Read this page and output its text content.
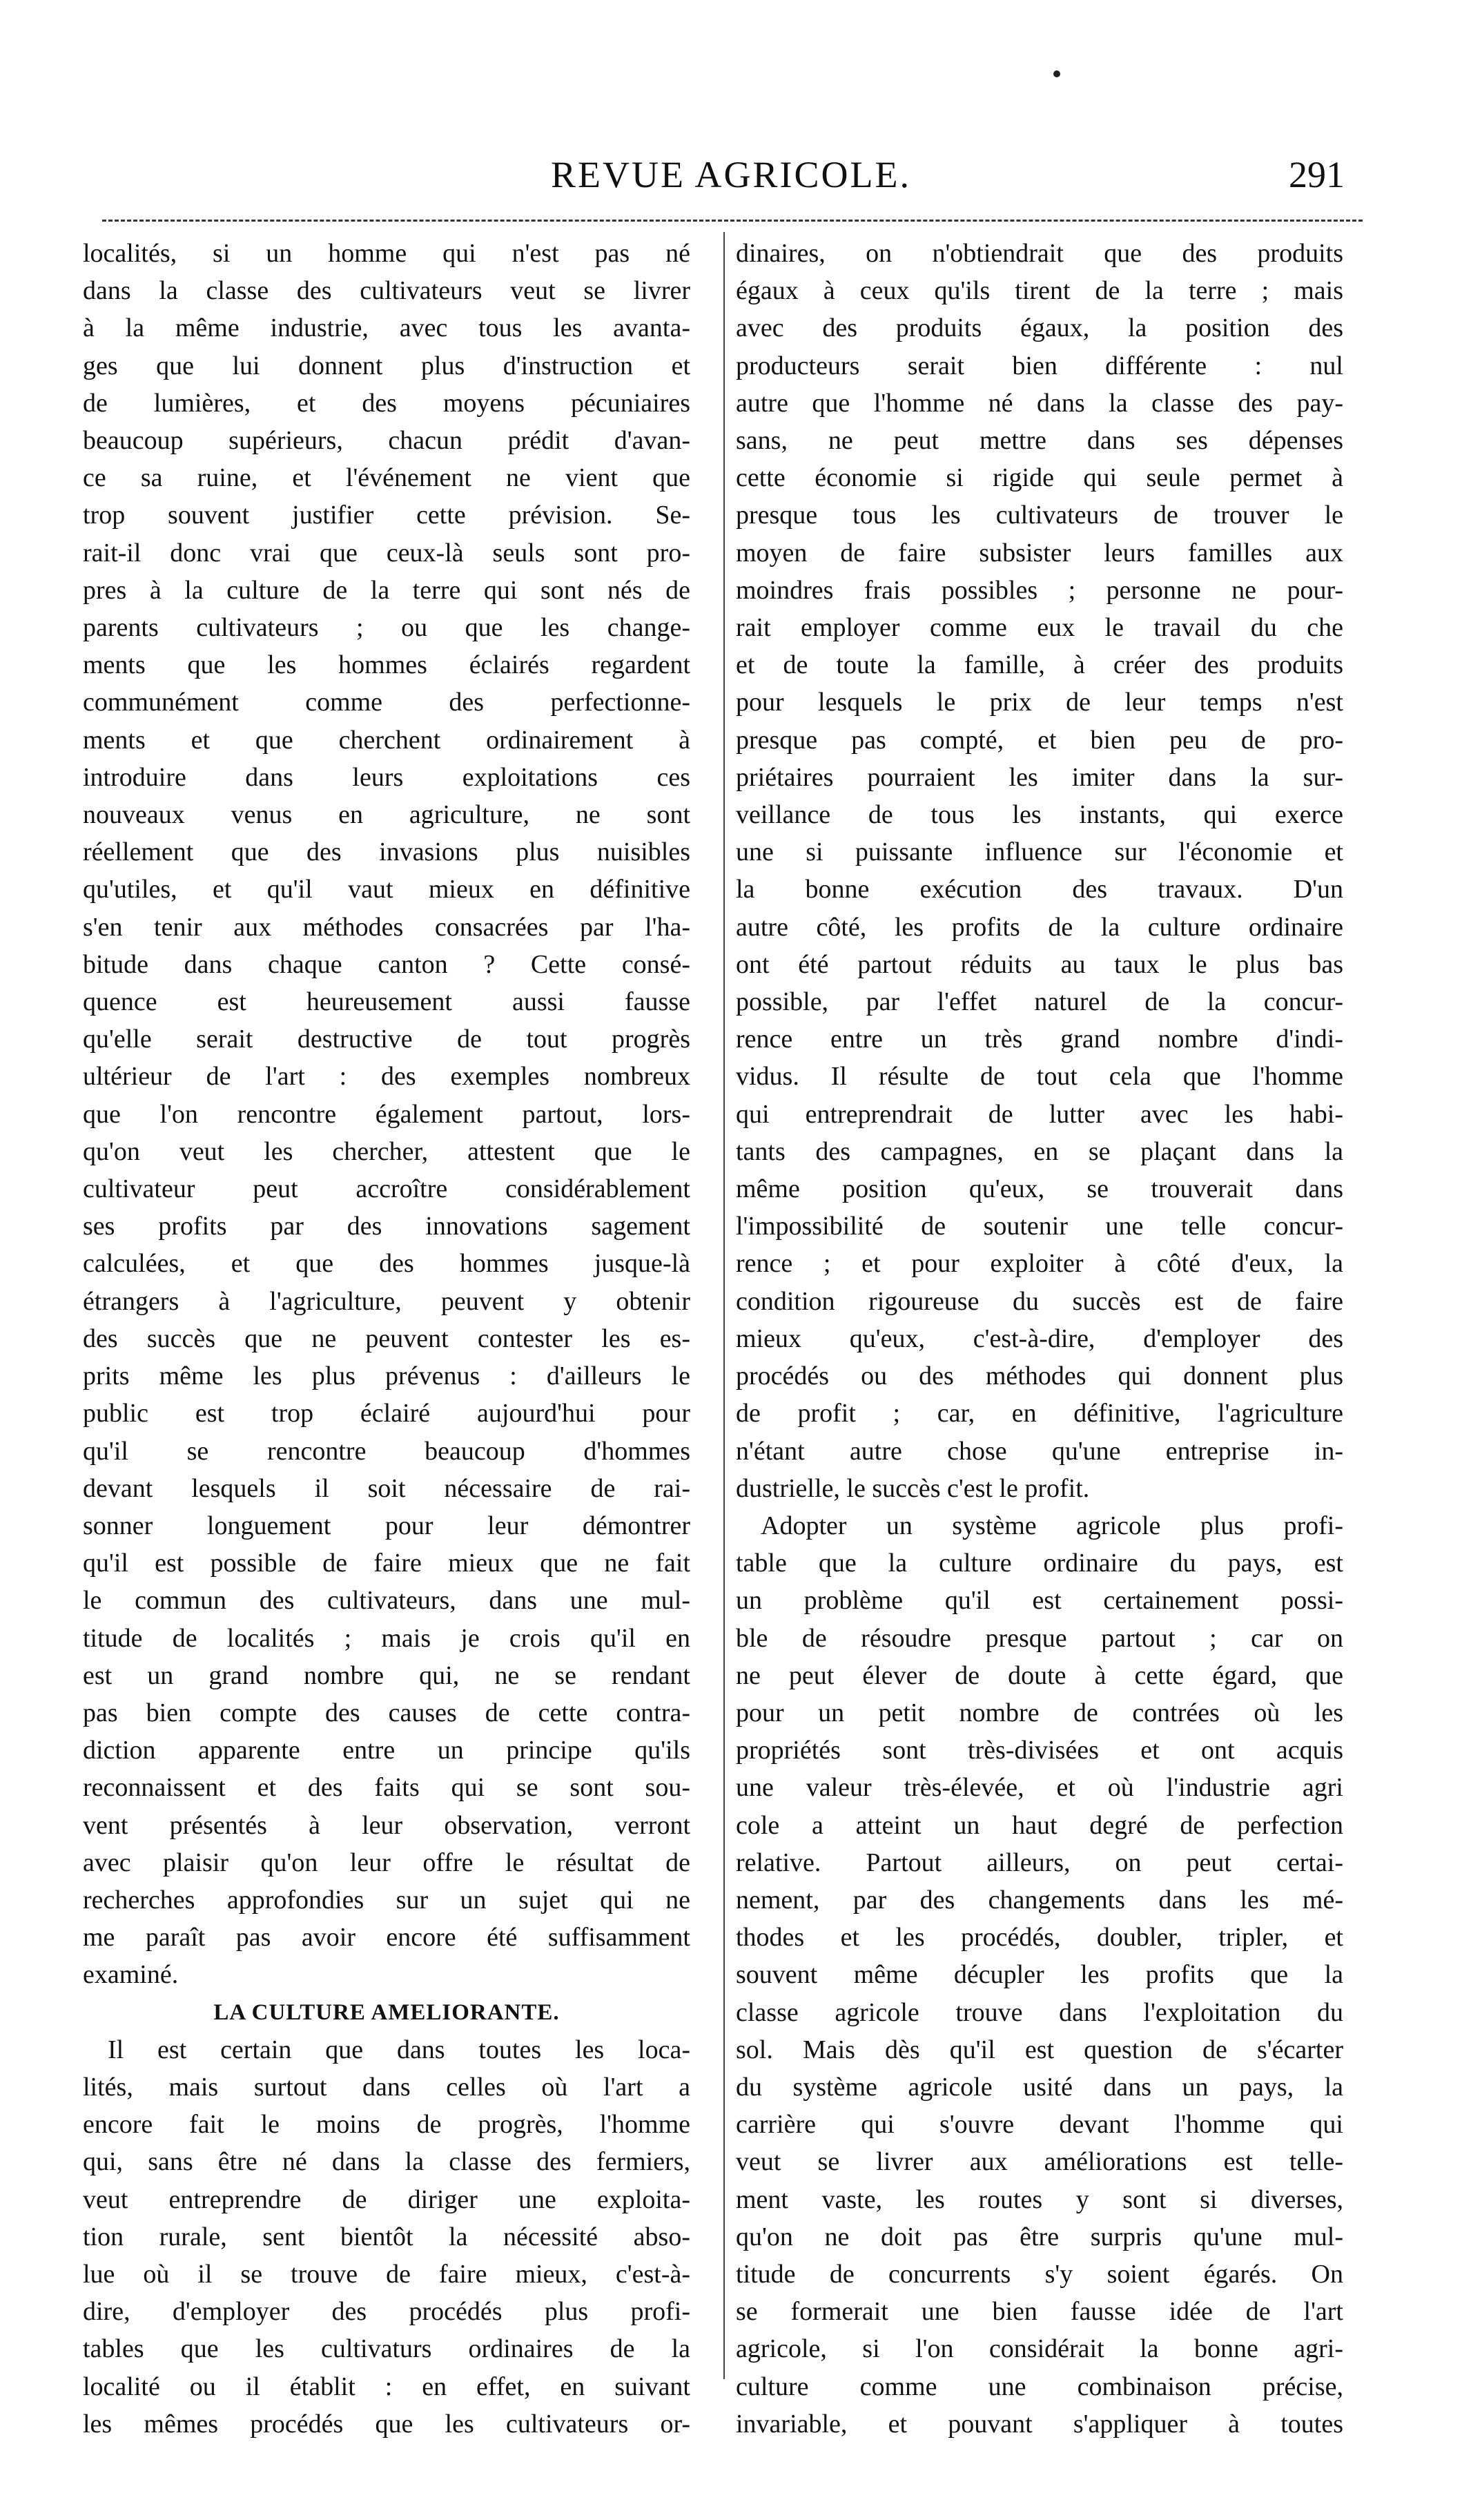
REVUE AGRICOLE.	291
localités, si un homme qui n'est pas né
dans la classe des cultivateurs veut se livrer
à la même industrie, avec tous les avanta-
ges que lui donnent plus d'instruction et
de lumières, et des moyens pécuniaires
beaucoup supérieurs, chacun prédit d'avan-
ce sa ruine, et l'événement ne vient que
trop souvent justifier cette prévision. Se-
rait-il donc vrai que ceux-là seuls sont pro-
pres à la culture de la terre qui sont nés de
parents cultivateurs ; ou que les change-
ments que les hommes éclairés regardent
communément comme des perfectionne-
ments et que cherchent ordinairement à
introduire dans leurs exploitations ces
nouveaux venus en agriculture, ne sont
réellement que des invasions plus nuisibles
qu'utiles, et qu'il vaut mieux en définitive
s'en tenir aux méthodes consacrées par l'ha-
bitude dans chaque canton ? Cette consé-
quence est heureusement aussi fausse
qu'elle serait destructive de tout progrès
ultérieur de l'art : des exemples nombreux
que l'on rencontre également partout, lors-
qu'on veut les chercher, attestent que le
cultivateur peut accroître considérablement
ses profits par des innovations sagement
calculées, et que des hommes jusque-là
étrangers à l'agriculture, peuvent y obtenir
des succès que ne peuvent contester les es-
prits même les plus prévenus : d'ailleurs le
public est trop éclairé aujourd'hui pour
qu'il se rencontre beaucoup d'hommes
devant lesquels il soit nécessaire de rai-
sonner longuement pour leur démontrer
qu'il est possible de faire mieux que ne fait
le commun des cultivateurs, dans une mul-
titude de localités ; mais je crois qu'il en
est un grand nombre qui, ne se rendant
pas bien compte des causes de cette contra-
diction apparente entre un principe qu'ils
reconnaissent et des faits qui se sont sou-
vent présentés à leur observation, verront
avec plaisir qu'on leur offre le résultat de
recherches approfondies sur un sujet qui ne
me paraît pas avoir encore été suffisamment
examiné.
LA CULTURE AMELIORANTE.
Il est certain que dans toutes les loca-
lités, mais surtout dans celles où l'art a
encore fait le moins de progrès, l'homme
qui, sans être né dans la classe des fermiers,
veut entreprendre de diriger une exploita-
tion rurale, sent bientôt la nécessité abso-
lue où il se trouve de faire mieux, c'est-à-
dire, d'employer des procédés plus profi-
tables que les cultivaturs ordinaires de la
localité ou il établit : en effet, en suivant
les mêmes procédés que les cultivateurs or-
dinaires, on n'obtiendrait que des produits
égaux à ceux qu'ils tirent de la terre ; mais
avec des produits égaux, la position des
producteurs serait bien différente : nul
autre que l'homme né dans la classe des pay-
sans, ne peut mettre dans ses dépenses
cette économie si rigide qui seule permet à
presque tous les cultivateurs de trouver le
moyen de faire subsister leurs familles aux
moindres frais possibles ; personne ne pour-
rait employer comme eux le travail du che
et de toute la famille, à créer des produits
pour lesquels le prix de leur temps n'est
presque pas compté, et bien peu de pro-
priétaires pourraient les imiter dans la sur-
veillance de tous les instants, qui exerce
une si puissante influence sur l'économie et
la bonne exécution des travaux. D'un
autre côté, les profits de la culture ordinaire
ont été partout réduits au taux le plus bas
possible, par l'effet naturel de la concur-
rence entre un très grand nombre d'indi-
vidus. Il résulte de tout cela que l'homme
qui entreprendrait de lutter avec les habi-
tants des campagnes, en se plaçant dans la
même position qu'eux, se trouverait dans
l'impossibilité de soutenir une telle concur-
rence ; et pour exploiter à côté d'eux, la
condition rigoureuse du succès est de faire
mieux qu'eux, c'est-à-dire, d'employer des
procédés ou des méthodes qui donnent plus
de profit ; car, en définitive, l'agriculture
n'étant autre chose qu'une entreprise in-
dustrielle, le succès c'est le profit.
Adopter un système agricole plus profi-
table que la culture ordinaire du pays, est
un problème qu'il est certainement possi-
ble de résoudre presque partout ; car on
ne peut élever de doute à cette égard, que
pour un petit nombre de contrées où les
propriétés sont très-divisées et ont acquis
une valeur très-élevée, et où l'industrie agri
cole a atteint un haut degré de perfection
relative. Partout ailleurs, on peut certai-
nement, par des changements dans les mé-
thodes et les procédés, doubler, tripler, et
souvent même décupler les profits que la
classe agricole trouve dans l'exploitation du
sol. Mais dès qu'il est question de s'écarter
du système agricole usité dans un pays, la
carrière qui s'ouvre devant l'homme qui
veut se livrer aux améliorations est telle-
ment vaste, les routes y sont si diverses,
qu'on ne doit pas être surpris qu'une mul-
titude de concurrents s'y soient égarés. On
se formerait une bien fausse idée de l'art
agricole, si l'on considérait la bonne agri-
culture comme une combinaison précise,
invariable, et pouvant s'appliquer à toutes
